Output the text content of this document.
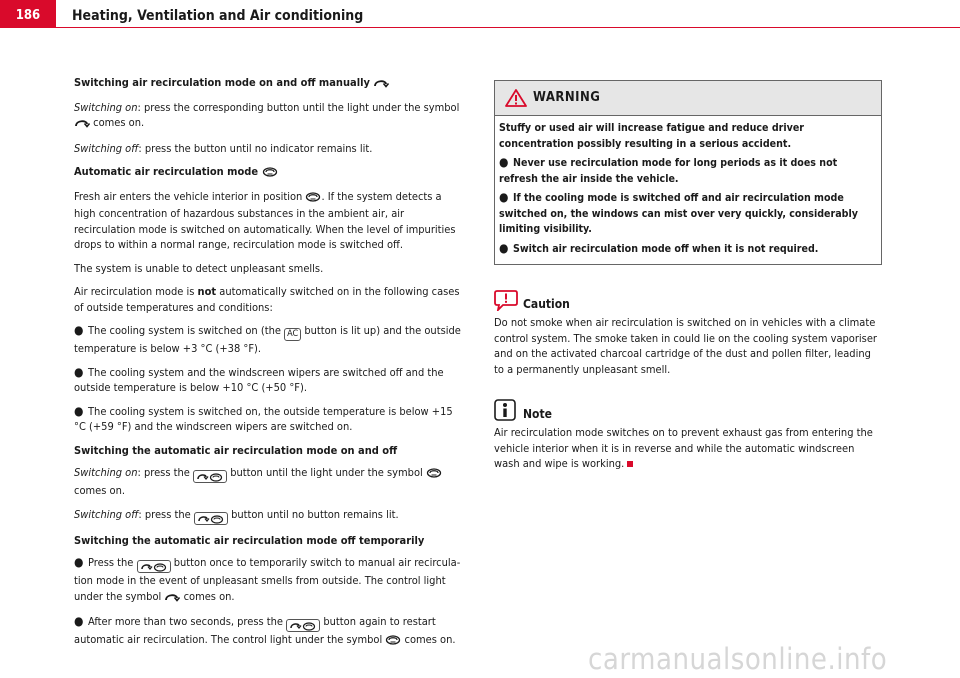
186	Heating, Ventilation and Air conditioning

Switching air recirculation mode on and off manually

Switching on: press the corresponding button until the light under the symbol
comes on.

Switching off: press the button until no indicator remains lit.

Automatic air recirculation mode

Fresh air enters the vehicle interior in position . If the system detects a high concentration of hazardous substances in the ambient air, air recirculation mode is switched on automatically. When the level of impurities drops to within a normal range, recirculation mode is switched off.

The system is unable to detect unpleasant smells.

Air recirculation mode is not automatically switched on in the following cases of outside temperatures and conditions:

● The cooling system is switched on (the AC button is lit up) and the outside temperature is below +3 °C (+38 °F).

● The cooling system and the windscreen wipers are switched off and the outside temperature is below +10 °C (+50 °F).

● The cooling system is switched on, the outside temperature is below +15 °C (+59 °F) and the windscreen wipers are switched on.

Switching the automatic air recirculation mode on and off

Switching on: press the	button until the light under the symbol
comes on.

Switching off: press the	button until no button remains lit.

Switching the automatic air recirculation mode off temporarily

● Press the	button once to temporarily switch to manual air recircula-tion mode in the event of unpleasant smells from outside. The control light under the symbol comes on.

● After more than two seconds, press the	button again to restart automatic air recirculation. The control light under the symbol comes on.

WARNING

Stuffy or used air will increase fatigue and reduce driver concentration possibly resulting in a serious accident.

● Never use recirculation mode for long periods as it does not refresh the air inside the vehicle.

● If the cooling mode is switched off and air recirculation mode switched on, the windows can mist over very quickly, considerably limiting visibility.

● Switch air recirculation mode off when it is not required.

Caution

Do not smoke when air recirculation is switched on in vehicles with a climate control system. The smoke taken in could lie on the cooling system vaporiser and on the activated charcoal cartridge of the dust and pollen filter, leading to a permanently unpleasant smell.

Note

Air recirculation mode switches on to prevent exhaust gas from entering the vehicle interior when it is in reverse and while the automatic windscreen wash and wipe is working.

carmanualsonline.info
